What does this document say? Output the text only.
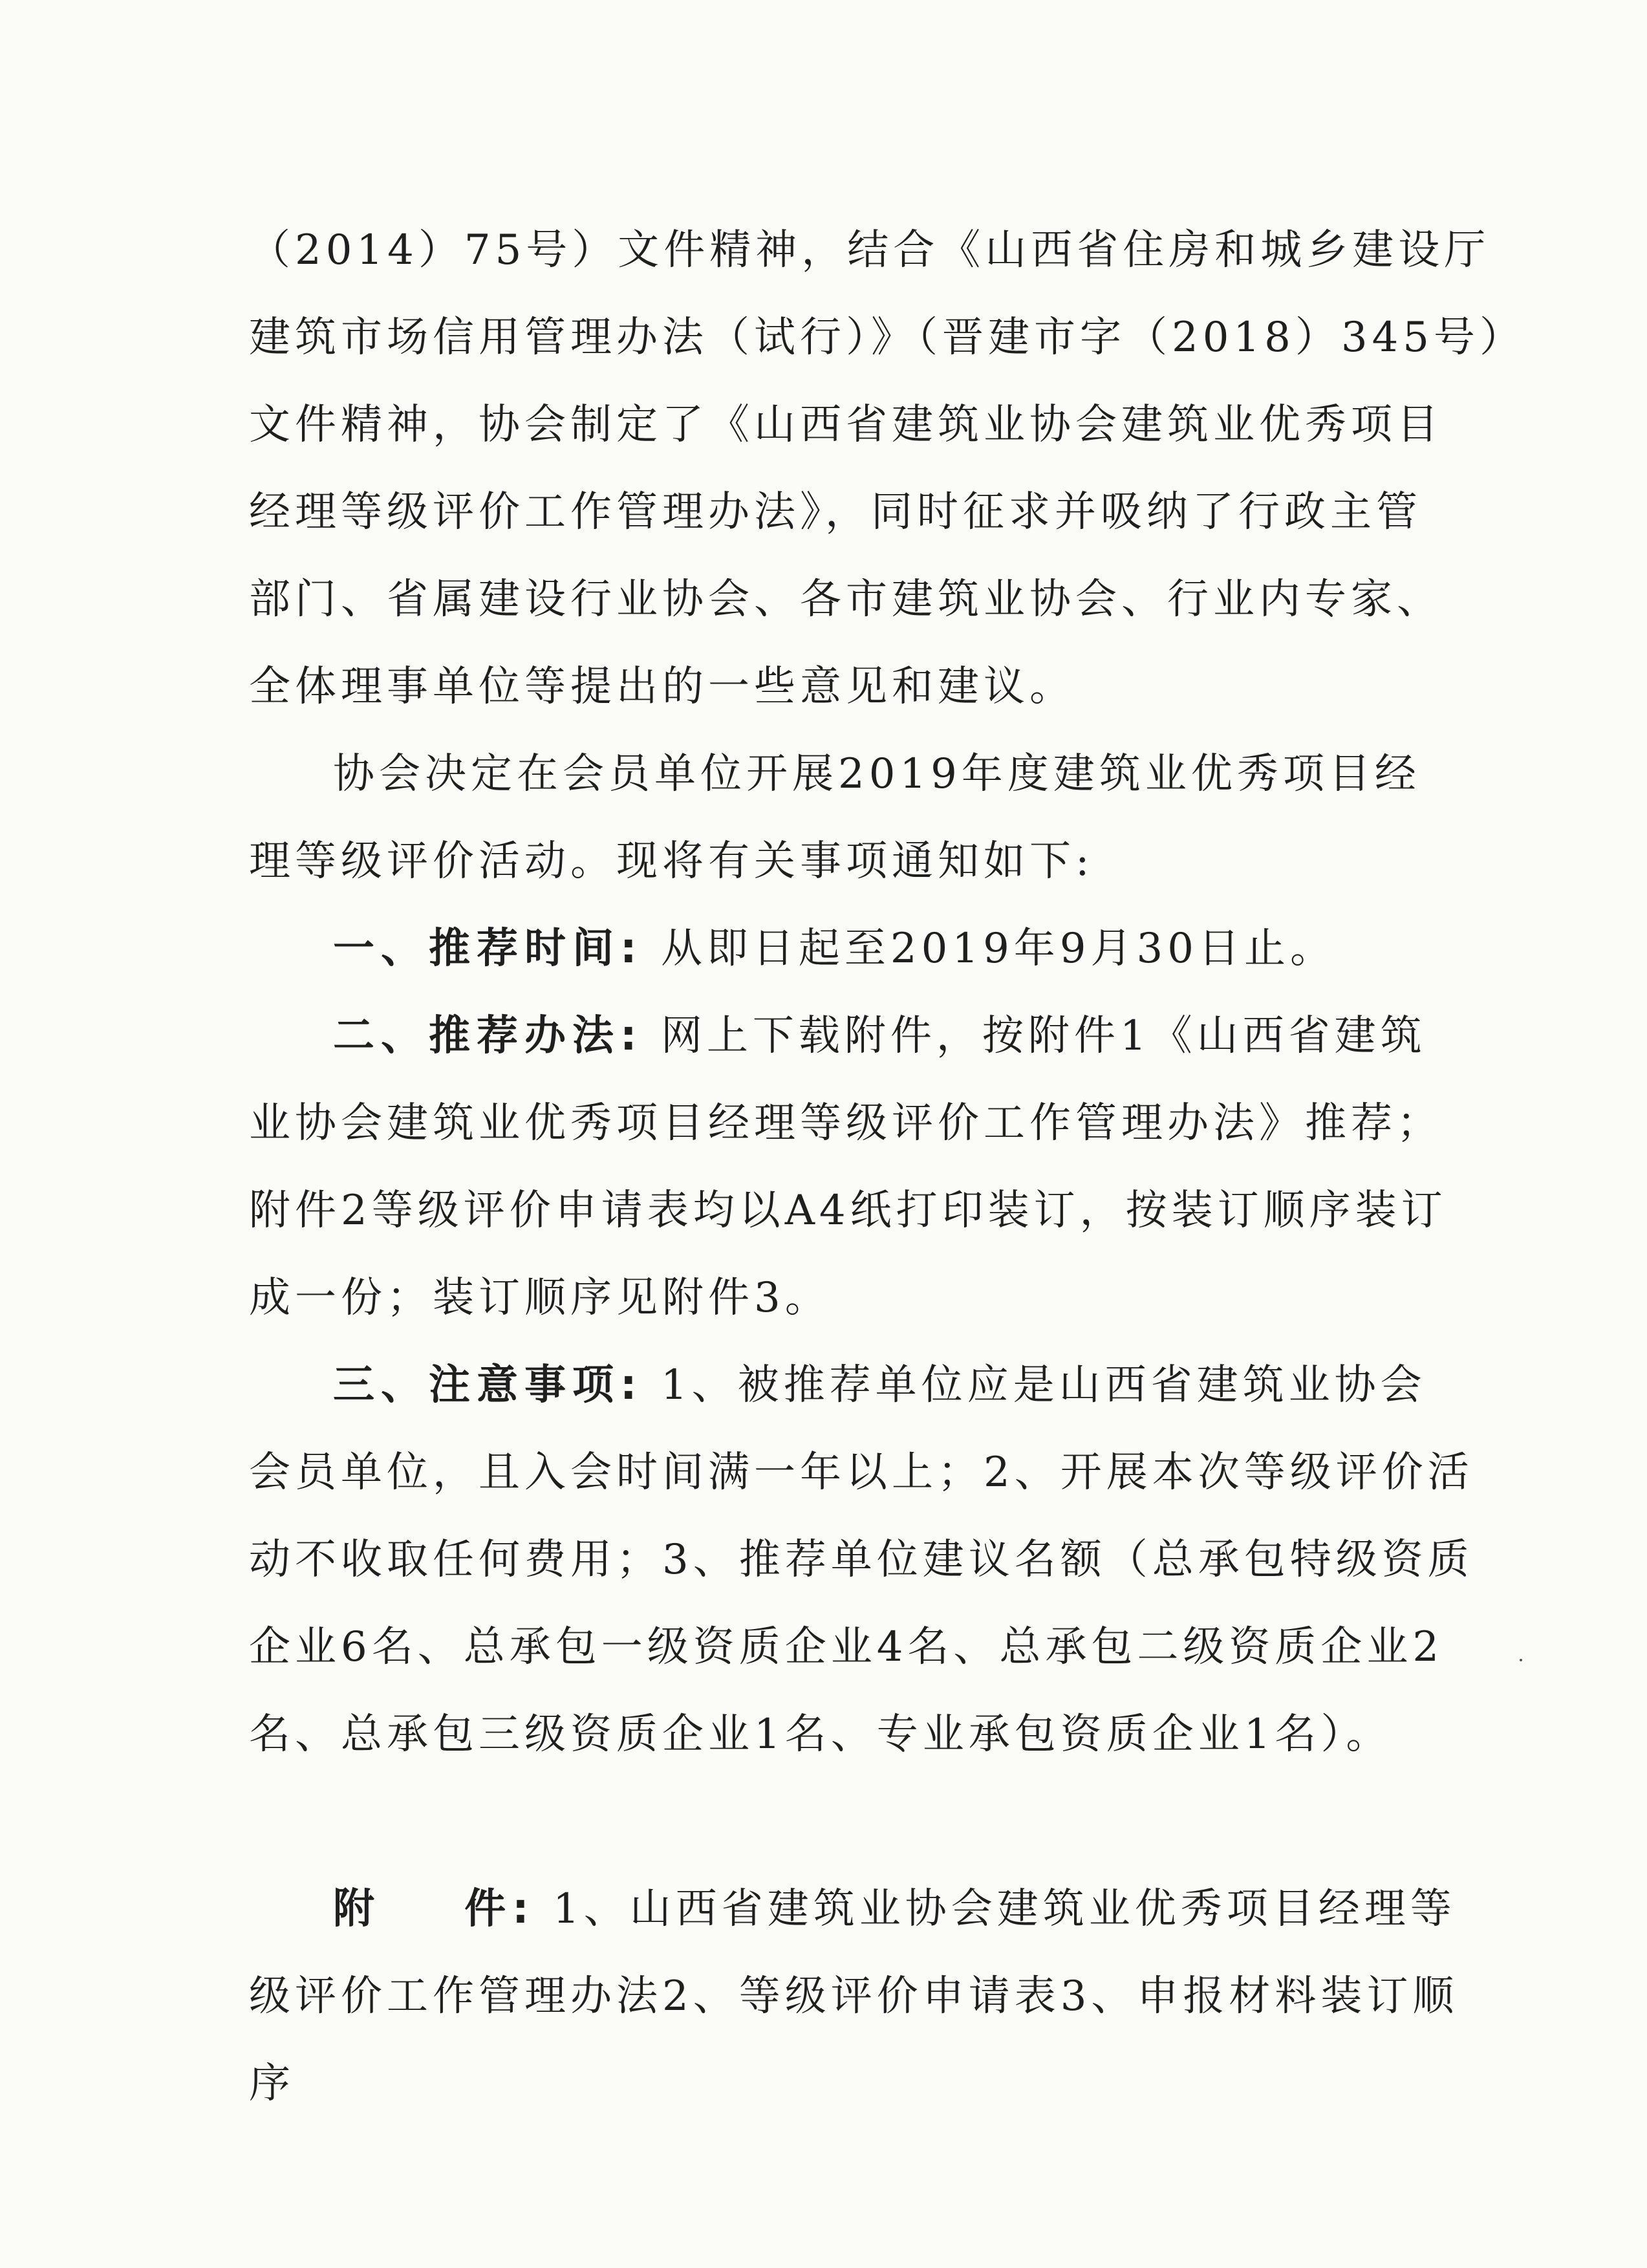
（2014）75号）文件精神，结合《山西省住房和城乡建设厅
建筑市场信用管理办法（试行）》（晋建市字（2018）345号）
文件精神，协会制定了《山西省建筑业协会建筑业优秀项目
经理等级评价工作管理办法》，同时征求并吸纳了行政主管
部门、省属建设行业协会、各市建筑业协会、行业内专家、
全体理事单位等提出的一些意见和建议。
协会决定在会员单位开展2019年度建筑业优秀项目经
理等级评价活动。现将有关事项通知如下:
一、推荐时间: 从即日起至2019年9月30日止。
二、推荐办法: 网上下载附件，按附件1《山西省建筑
业协会建筑业优秀项目经理等级评价工作管理办法》推荐；
附件2等级评价申请表均以A4纸打印装订，按装订顺序装订
成一份；装订顺序见附件3。
三、注意事项: 1、被推荐单位应是山西省建筑业协会
会员单位，且入会时间满一年以上；2、开展本次等级评价活
动不收取任何费用；3、推荐单位建议名额（总承包特级资质
企业6名、总承包一级资质企业4名、总承包二级资质企业2
名、总承包三级资质企业1名、专业承包资质企业1名）。
附    件: 1、山西省建筑业协会建筑业优秀项目经理等
级评价工作管理办法2、等级评价申请表3、申报材料装订顺
序
